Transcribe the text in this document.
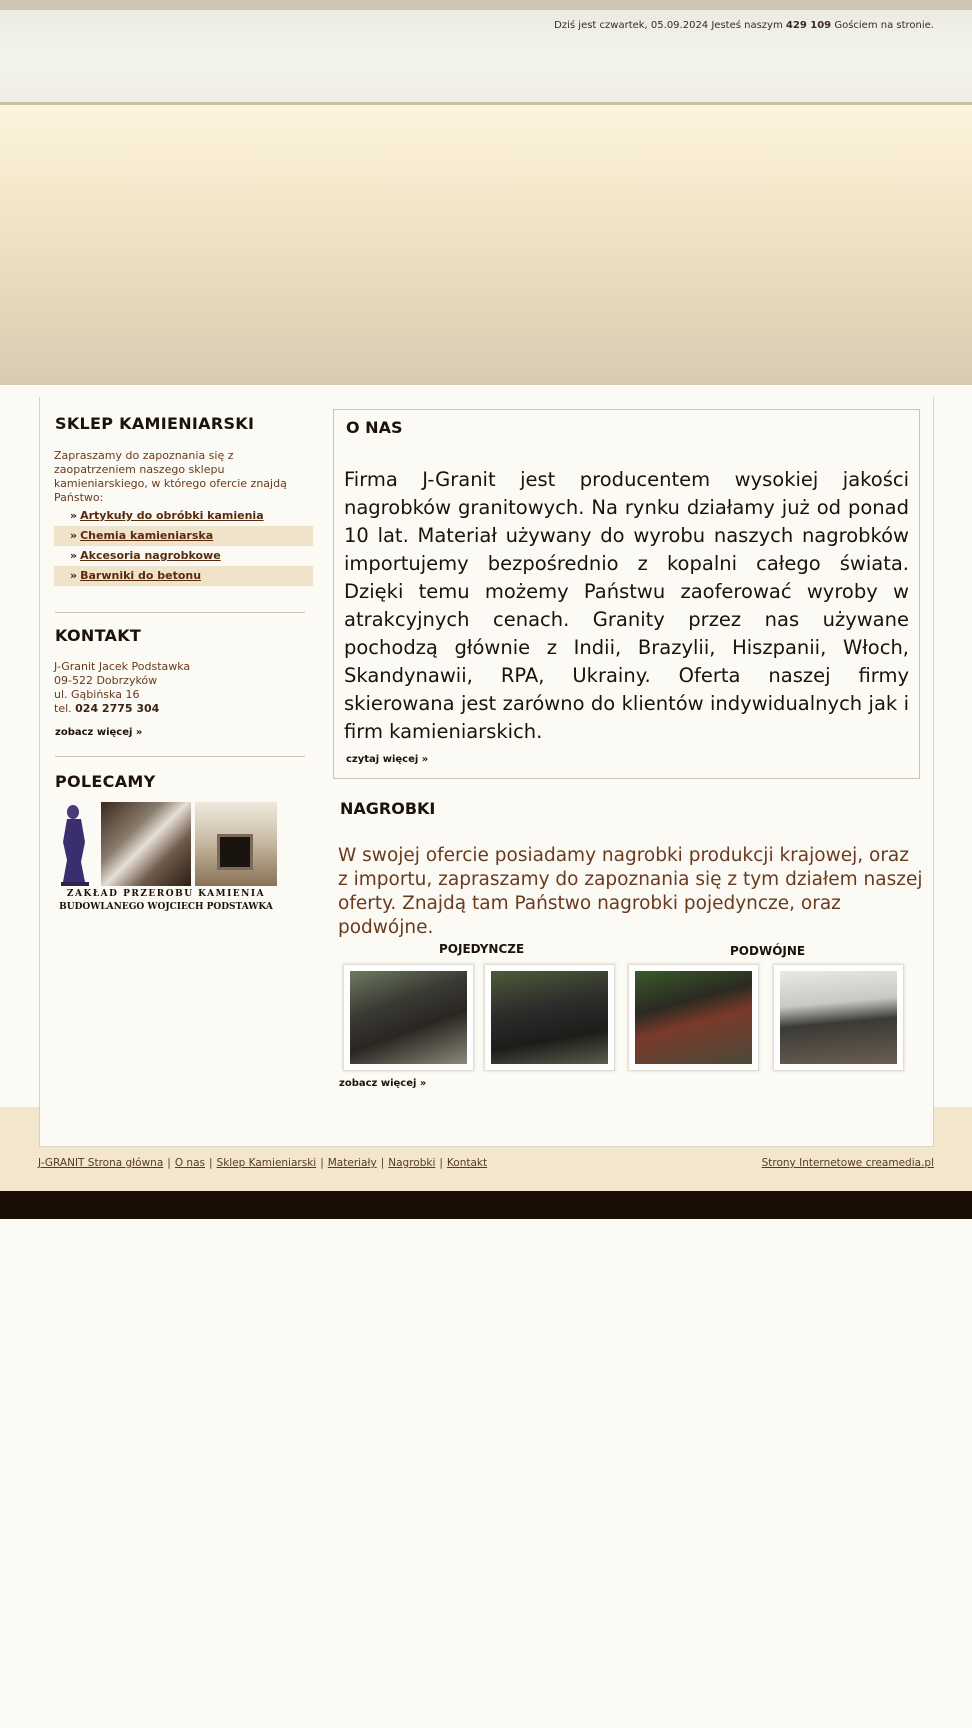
Dziś jest czwartek, 05.09.2024 Jesteś naszym 429 109 Gościem na stronie.
SKLEP KAMIENIARSKI
Zapraszamy do zapoznania się z zaopatrzeniem naszego sklepu kamieniarskiego, w którego ofercie znajdą Państwo:
» Artykuły do obróbki kamienia
» Chemia kamieniarska
» Akcesoria nagrobkowe
» Barwniki do betonu
KONTAKT
J-Granit Jacek Podstawka
09-522 Dobrzyków
ul. Gąbińska 16
tel. 024 2775 304
zobacz więcej »
POLECAMY
ZAKŁAD PRZEROBU KAMIENIA
BUDOWLANEGO WOJCIECH PODSTAWKA
O NAS

Firma J-Granit jest producentem wysokiej jakości nagrobków granitowych. Na rynku działamy już od ponad 10 lat. Materiał używany do wyrobu naszych nagrobków importujemy bezpośrednio z kopalni całego świata. Dzięki temu możemy Państwu zaoferować wyroby w atrakcyjnych cenach. Granity przez nas używane pochodzą głównie z Indii, Brazylii, Hiszpanii, Włoch, Skandynawii, RPA, Ukrainy. Oferta naszej firmy skierowana jest zarówno do klientów indywidualnych jak i firm kamieniarskich.

czytaj więcej »
NAGROBKI
W swojej ofercie posiadamy nagrobki produkcji krajowej, oraz z importu, zapraszamy do zapoznania się z tym działem naszej oferty. Znajdą tam Państwo nagrobki pojedyncze, oraz podwójne.
POJEDYNCZE	PODWÓJNE
zobacz więcej »
J-GRANIT Strona główna | O nas | Sklep Kamieniarski | Materiały | Nagrobki | Kontakt	Strony Internetowe creamedia.pl
